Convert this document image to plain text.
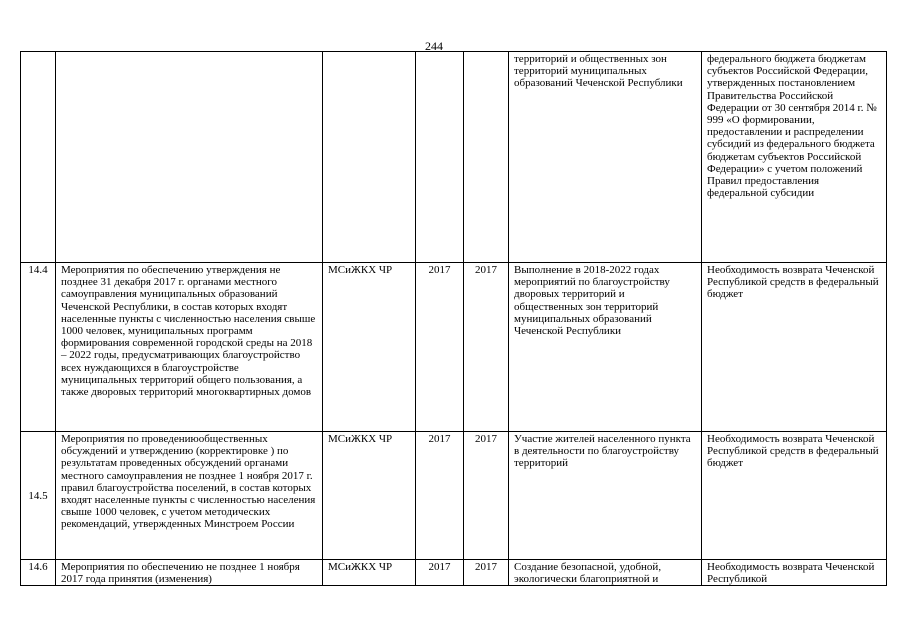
244
					территорий и общественных зон территорий муниципальных образований Чеченской Республики	федерального бюджета бюджетам субъектов Российской Федерации, утвержденных постановлением Правительства Российской Федерации от 30 сентября 2014 г. № 999 «О формировании, предоставлении и распределении субсидий из федерального бюджета бюджетам субъектов Российской Федерации» с учетом положений Правил предоставления федеральной субсидии
14.4	Мероприятия по обеспечению утверждения не позднее 31 декабря 2017 г. органами местного самоуправления муниципальных образований Чеченской Республики, в состав которых входят населенные пункты с численностью населения свыше 1000 человек, муниципальных программ формирования современной городской среды на 2018 – 2022 годы, предусматривающих благоустройство всех нуждающихся в благоустройстве муниципальных территорий общего пользования, а также дворовых территорий многоквартирных домов	МСиЖКХ ЧР	2017	2017	Выполнение в 2018-2022 годах мероприятий по благоустройству дворовых территорий и общественных зон территорий муниципальных образований Чеченской Республики	Необходимость возврата Чеченской Республикой средств в федеральный бюджет
14.5	Мероприятия по проведениюобщественных обсуждений и утверждению (корректировке ) по результатам проведенных обсуждений органами местного самоуправления не позднее 1 ноября 2017 г. правил благоустройства поселений, в состав которых входят населенные пункты с численностью населения свыше 1000 человек, с учетом методических рекомендаций, утвержденных Минстроем России	МСиЖКХ ЧР	2017	2017	Участие жителей населенного пункта в деятельности по благоустройству территорий	Необходимость возврата Чеченской Республикой средств в федеральный бюджет
14.6	Мероприятия по обеспечению не позднее 1 ноября 2017 года принятия (изменения)	МСиЖКХ ЧР	2017	2017	Создание безопасной, удобной, экологически благоприятной и	Необходимость возврата Чеченской Республикой
